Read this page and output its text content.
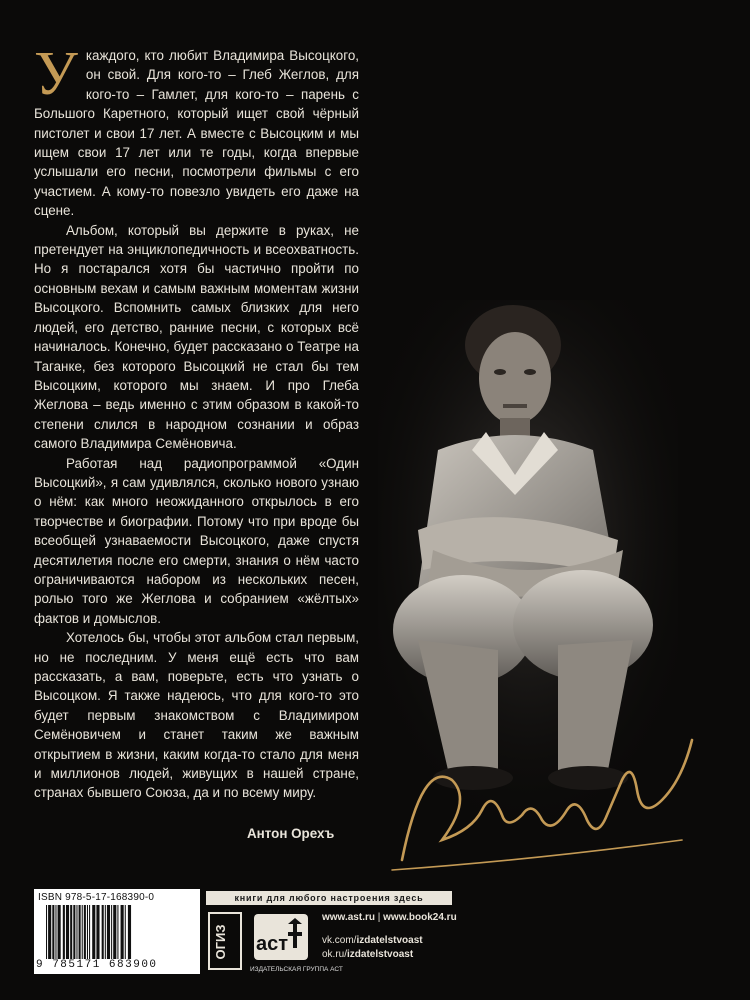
У каждого, кто любит Владимира Высоцкого, он свой. Для кого-то – Глеб Жеглов, для кого-то – Гамлет, для кого-то – парень с Большого Каретного, который ищет свой чёрный пистолет и свои 17 лет. А вместе с Высоцким и мы ищем свои 17 лет или те годы, когда впервые услышали его песни, посмотрели фильмы с его участием. А кому-то повезло увидеть его даже на сцене.

Альбом, который вы держите в руках, не претендует на энциклопедичность и всеохватность. Но я постарался хотя бы частично пройти по основным вехам и самым важным моментам жизни Высоцкого. Вспомнить самых близких для него людей, его детство, ранние песни, с которых всё начиналось. Конечно, будет рассказано о Театре на Таганке, без которого Высоцкий не стал бы тем Высоцким, которого мы знаем. И про Глеба Жеглова – ведь именно с этим образом в какой-то степени слился в народном сознании и образ самого Владимира Семёновича.

Работая над радиопрограммой «Один Высоцкий», я сам удивлялся, сколько нового узнаю о нём: как много неожиданного открылось в его творчестве и биографии. Потому что при вроде бы всеобщей узнаваемости Высоцкого, даже спустя десятилетия после его смерти, знания о нём часто ограничиваются набором из нескольких песен, ролью того же Жеглова и собранием «жёлтых» фактов и домыслов.

Хотелось бы, чтобы этот альбом стал первым, но не последним. У меня ещё есть что вам рассказать, а вам, поверьте, есть что узнать о Высоцком. Я также надеюсь, что для кого-то это будет первым знакомством с Владимиром Семёновичем и станет таким же важным открытием в жизни, каким когда-то стало для меня и миллионов людей, живущих в нашей стране, странах бывшего Союза, да и по всему миру.

Антон Орехъ
ISBN 978-5-17-168390-0
9 785171 683900
книги для любого настроения здесь
ОГИЗ аст
ИЗДАТЕЛЬСКАЯ ГРУППА АСТ
www.ast.ru | www.book24.ru
vk.com/izdatelstvoast
ok.ru/izdatelstvoast
